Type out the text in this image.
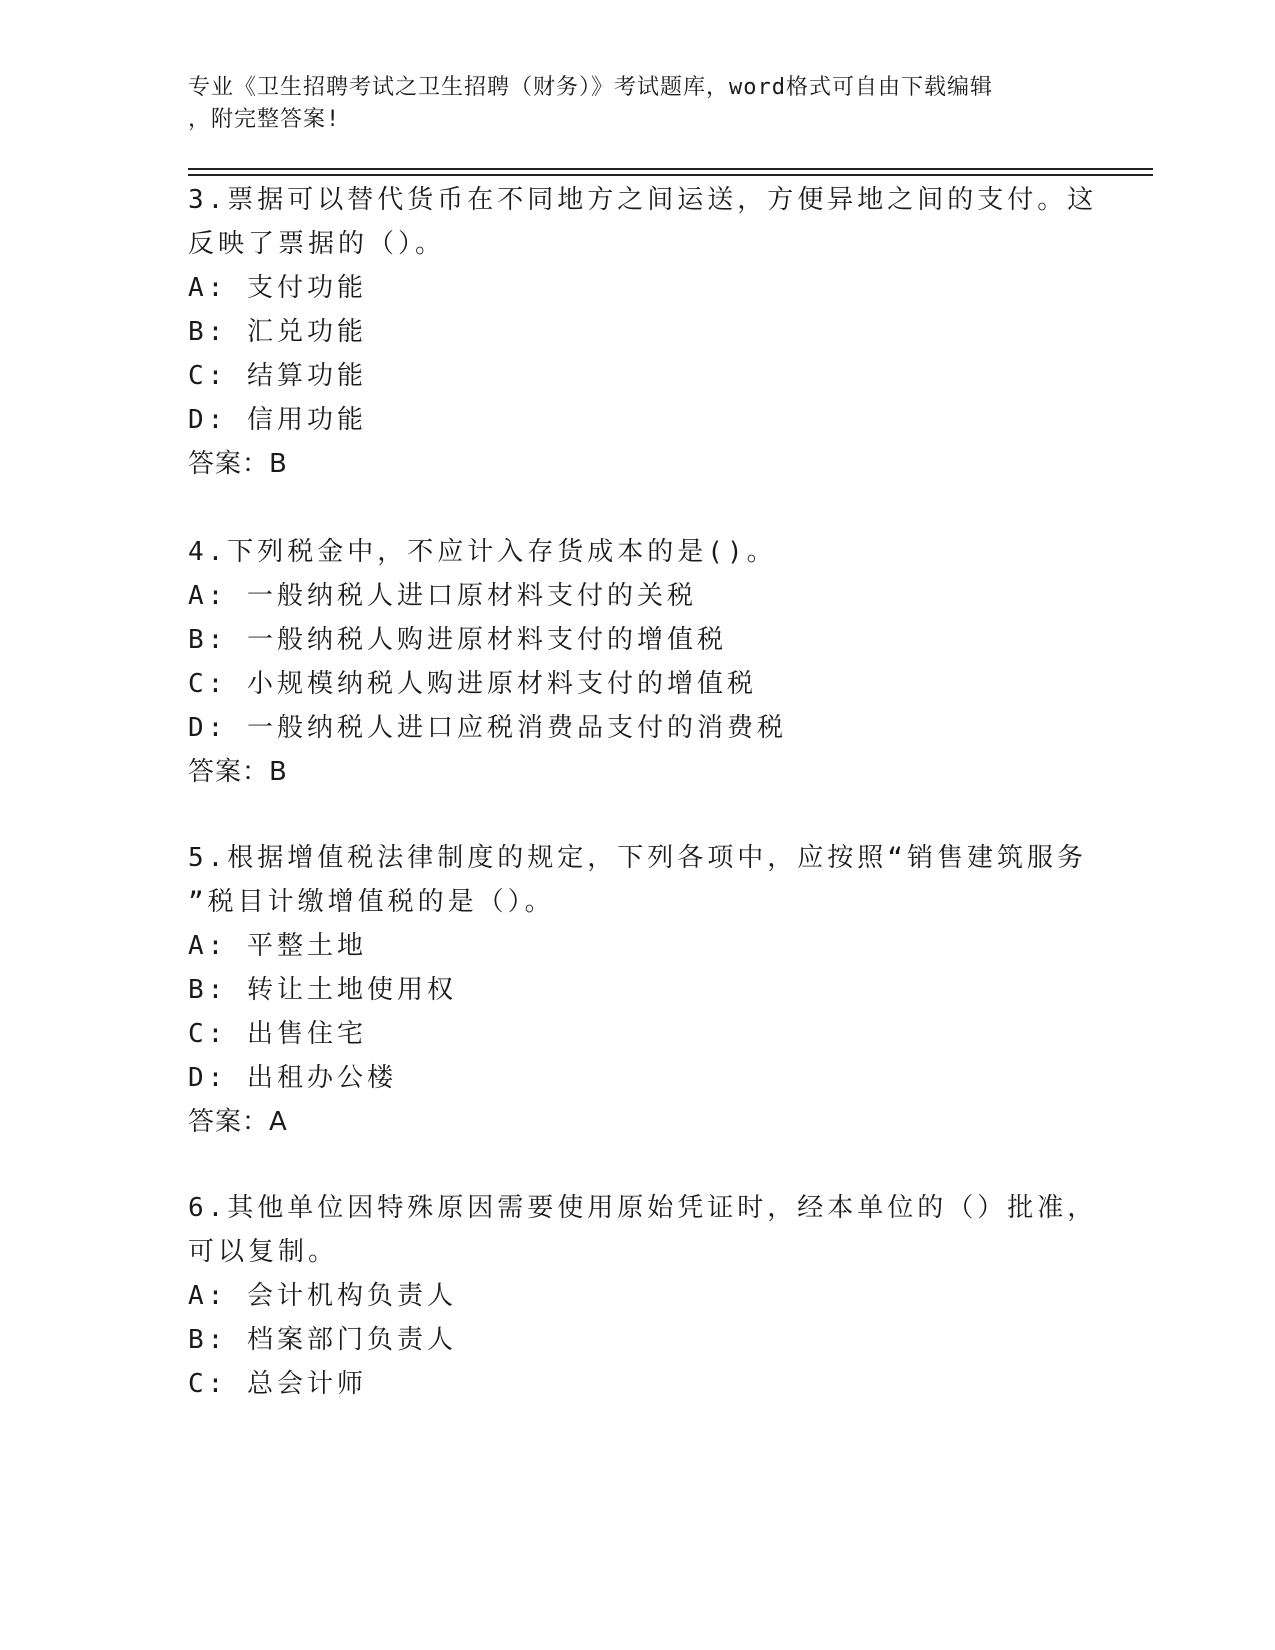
专业《卫生招聘考试之卫生招聘（财务）》考试题库，word格式可自由下载编辑
，附完整答案!
3.票据可以替代货币在不同地方之间运送，方便异地之间的支付。这
反映了票据的（）。
A: 支付功能
B: 汇兑功能
C: 结算功能
D: 信用功能
答案：B
4.下列税金中，不应计入存货成本的是()。
A: 一般纳税人进口原材料支付的关税
B: 一般纳税人购进原材料支付的增值税
C: 小规模纳税人购进原材料支付的增值税
D: 一般纳税人进口应税消费品支付的消费税
答案：B
5.根据增值税法律制度的规定，下列各项中，应按照“销售建筑服务
”税目计缴增值税的是（）。
A: 平整土地
B: 转让土地使用权
C: 出售住宅
D: 出租办公楼
答案：A
6.其他单位因特殊原因需要使用原始凭证时，经本单位的（）批准，
可以复制。
A: 会计机构负责人
B: 档案部门负责人
C: 总会计师
